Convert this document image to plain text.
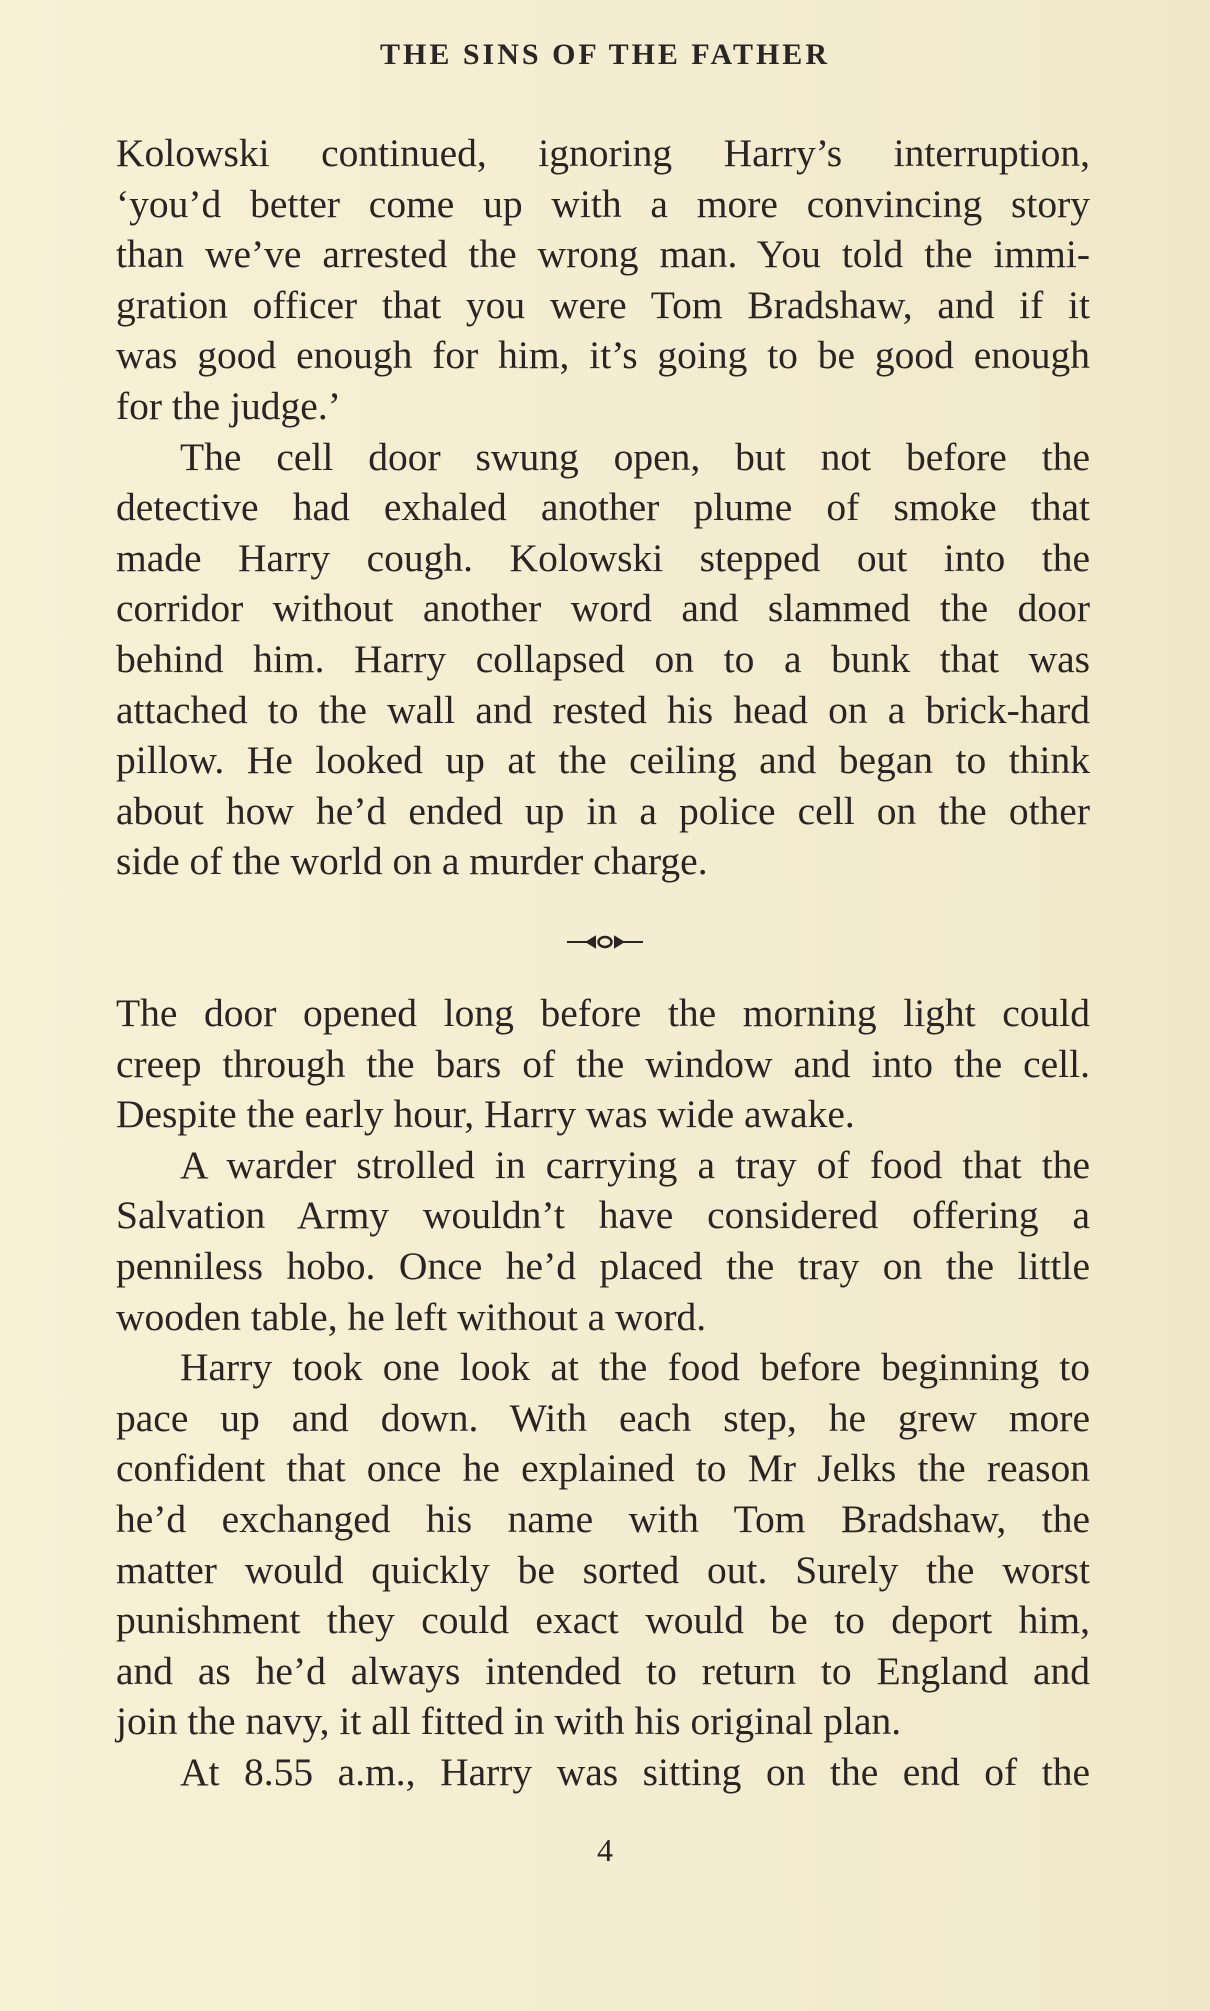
THE SINS OF THE FATHER
Kolowski continued, ignoring Harry’s interruption,
‘you’d better come up with a more convincing story
than we’ve arrested the wrong man. You told the immi-
gration officer that you were Tom Bradshaw, and if it
was good enough for him, it’s going to be good enough
for the judge.’
The cell door swung open, but not before the
detective had exhaled another plume of smoke that
made Harry cough. Kolowski stepped out into the
corridor without another word and slammed the door
behind him. Harry collapsed on to a bunk that was
attached to the wall and rested his head on a brick-hard
pillow. He looked up at the ceiling and began to think
about how he’d ended up in a police cell on the other
side of the world on a murder charge.
The door opened long before the morning light could
creep through the bars of the window and into the cell.
Despite the early hour, Harry was wide awake.
A warder strolled in carrying a tray of food that the
Salvation Army wouldn’t have considered offering a
penniless hobo. Once he’d placed the tray on the little
wooden table, he left without a word.
Harry took one look at the food before beginning to
pace up and down. With each step, he grew more
confident that once he explained to Mr Jelks the reason
he’d exchanged his name with Tom Bradshaw, the
matter would quickly be sorted out. Surely the worst
punishment they could exact would be to deport him,
and as he’d always intended to return to England and
join the navy, it all fitted in with his original plan.
At 8.55 a.m., Harry was sitting on the end of the
4
